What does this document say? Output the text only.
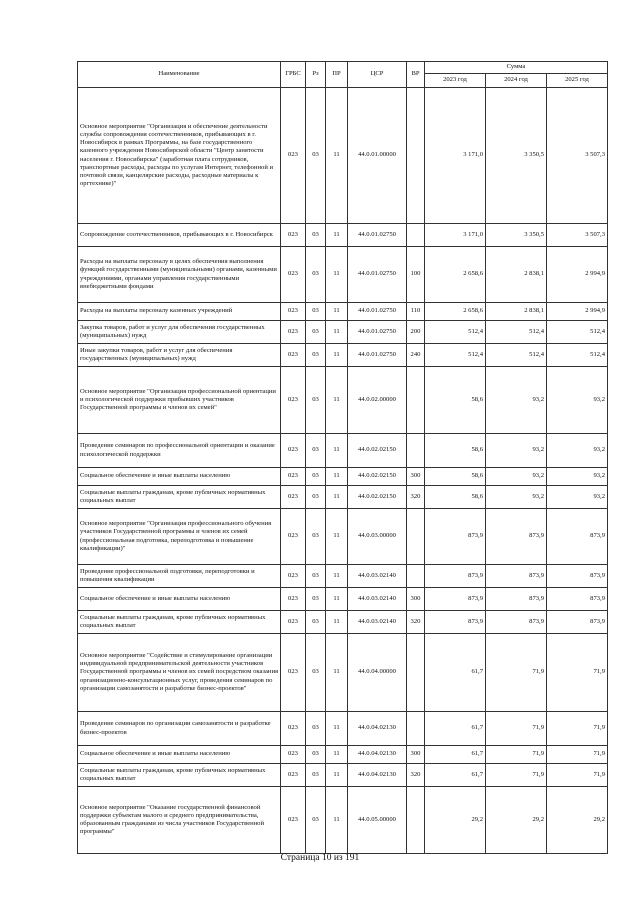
Наименование	ГРБС	Рз	ПР	ЦСР	ВР	Сумма		
						2023 год	2024 год	2025 год
Основное мероприятие "Организация и обеспечение деятельности службы сопровождения соотечественников, прибывающих в г. Новосибирск в рамках Программы, на базе государственного казенного учреждения Новосибирской области "Центр занятости населения г. Новосибирска" (заработная плата сотрудников, транспортные расходы, расходы по услугам Интернет, телефонной и почтовой связи, канцелярские расходы, расходные материалы к оргтехнике)"	023	03	11	44.0.01.00000		3 171,0	3 350,5	3 507,3
Сопровождение соотечественников, прибывающих в г. Новосибирск	023	03	11	44.0.01.02750		3 171,0	3 350,5	3 507,3
Расходы на выплаты персоналу в целях обеспечения выполнения функций государственными (муниципальными) органами, казенными учреждениями, органами управления государственными внебюджетными фондами	023	03	11	44.0.01.02750	100	2 658,6	2 838,1	2 994,9
Расходы на выплаты персоналу казенных учреждений	023	03	11	44.0.01.02750	110	2 658,6	2 838,1	2 994,9
Закупка товаров, работ и услуг для обеспечения государственных (муниципальных) нужд	023	03	11	44.0.01.02750	200	512,4	512,4	512,4
Иные закупки товаров, работ и услуг для обеспечения государственных (муниципальных) нужд	023	03	11	44.0.01.02750	240	512,4	512,4	512,4
Основное мероприятие "Организация профессиональной ориентации и психологической поддержки прибывших участников Государственной программы и членов их семей"	023	03	11	44.0.02.00000		58,6	93,2	93,2
Проведение семинаров по профессиональной ориентации и оказание психологической поддержки	023	03	11	44.0.02.02150		58,6	93,2	93,2
Социальное обеспечение и иные выплаты населению	023	03	11	44.0.02.02150	300	58,6	93,2	93,2
Социальные выплаты гражданам, кроме публичных нормативных социальных выплат	023	03	11	44.0.02.02150	320	58,6	93,2	93,2
Основное мероприятие "Организация профессионального обучения участников Государственной программы и членов их семей (профессиональная подготовка, переподготовка и повышение квалификации)"	023	03	11	44.0.03.00000		873,9	873,9	873,9
Проведение профессиональной подготовки, переподготовки и повышения квалификации	023	03	11	44.0.03.02140		873,9	873,9	873,9
Социальное обеспечение и иные выплаты населению	023	03	11	44.0.03.02140	300	873,9	873,9	873,9
Социальные выплаты гражданам, кроме публичных нормативных социальных выплат	023	03	11	44.0.03.02140	320	873,9	873,9	873,9
Основное мероприятие "Содействие и стимулирование организации индивидуальной предпринимательской деятельности участников Государственной программы и членов их семей посредством оказания организационно-консультационных услуг, проведения семинаров по организации самозанятости и разработке бизнес-проектов"	023	03	11	44.0.04.00000		61,7	71,9	71,9
Проведение семинаров по организации самозанятости и разработке бизнес-проектов	023	03	11	44.0.04.02130		61,7	71,9	71,9
Социальное обеспечение и иные выплаты населению	023	03	11	44.0.04.02130	300	61,7	71,9	71,9
Социальные выплаты гражданам, кроме публичных нормативных социальных выплат	023	03	11	44.0.04.02130	320	61,7	71,9	71,9
Основное мероприятие "Оказание государственной финансовой поддержки субъектам малого и среднего предпринимательства, образованным гражданами из числа участников Государственной программы"	023	03	11	44.0.05.00000		29,2	29,2	29,2
Страница 10 из 191
